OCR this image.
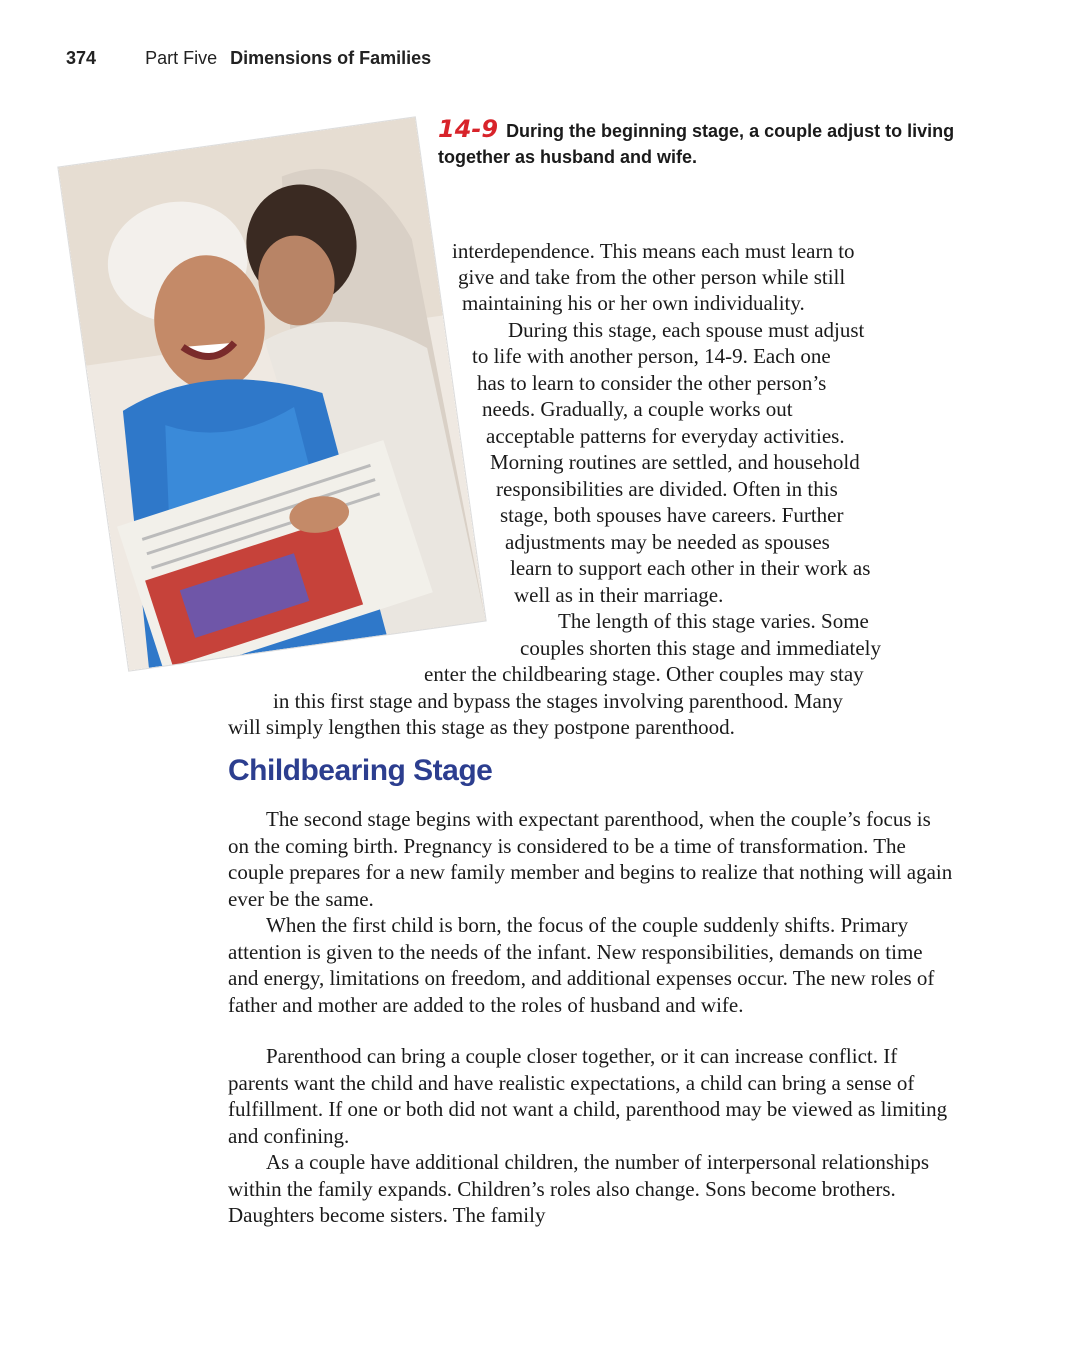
374	Part Five Dimensions of Families
14-9 During the beginning stage, a couple adjust to living together as husband and wife.
interdependence. This means each must learn to
give and take from the other person while still
maintaining his or her own individuality.
During this stage, each spouse must adjust
to life with another person, 14-9. Each one
has to learn to consider the other person’s
needs. Gradually, a couple works out
acceptable patterns for everyday activities.
Morning routines are settled, and household
responsibilities are divided. Often in this
stage, both spouses have careers. Further
adjustments may be needed as spouses
learn to support each other in their work as
well as in their marriage.
The length of this stage varies. Some
couples shorten this stage and immediately
enter the childbearing stage. Other couples may stay
in this first stage and bypass the stages involving parenthood. Many
will simply lengthen this stage as they postpone parenthood.
Childbearing Stage

The second stage begins with expectant parenthood, when the couple’s focus is on the coming birth. Pregnancy is considered to be a time of transformation. The couple prepares for a new family member and begins to realize that nothing will again ever be the same.

When the first child is born, the focus of the couple suddenly shifts. Primary attention is given to the needs of the infant. New responsibilities, demands on time and energy, limitations on freedom, and additional expenses occur. The new roles of father and mother are added to the roles of husband and wife.

Parenthood can bring a couple closer together, or it can increase conflict. If parents want the child and have realistic expectations, a child can bring a sense of fulfillment. If one or both did not want a child, parenthood may be viewed as limiting and confining.

As a couple have additional children, the number of interpersonal relationships within the family expands. Children’s roles also change. Sons become brothers. Daughters become sisters. The family
